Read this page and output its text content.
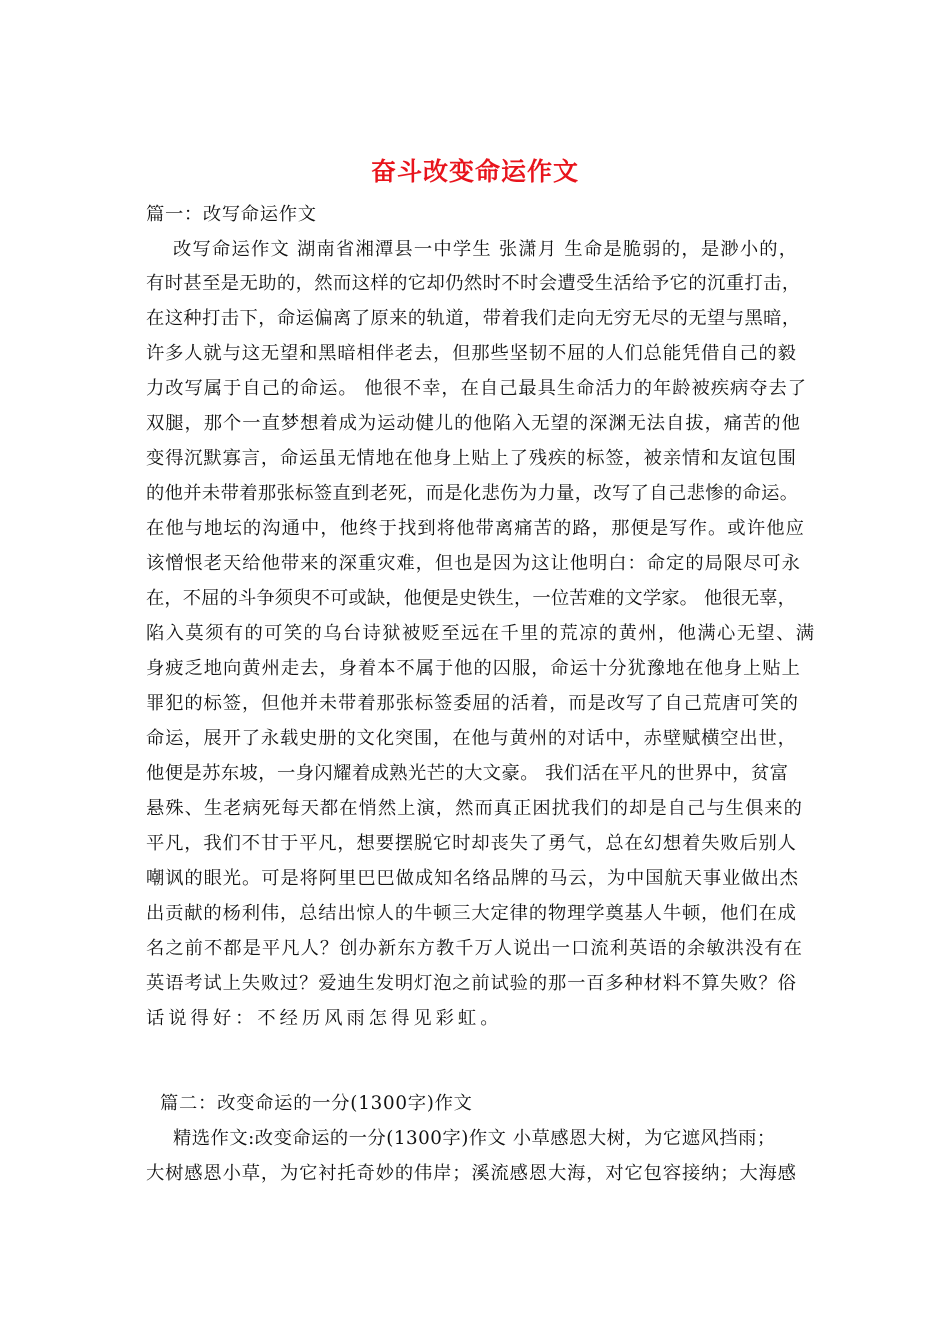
奋斗改变命运作文
篇一：改写命运作文
改写命运作文 湖南省湘潭县一中学生 张潇月 生命是脆弱的，是渺小的，
有时甚至是无助的，然而这样的它却仍然时不时会遭受生活给予它的沉重打击，
在这种打击下，命运偏离了原来的轨道，带着我们走向无穷无尽的无望与黑暗，
许多人就与这无望和黑暗相伴老去，但那些坚韧不屈的人们总能凭借自己的毅
力改写属于自己的命运。 他很不幸，在自己最具生命活力的年龄被疾病夺去了
双腿，那个一直梦想着成为运动健儿的他陷入无望的深渊无法自拔，痛苦的他
变得沉默寡言，命运虽无情地在他身上贴上了残疾的标签，被亲情和友谊包围
的他并未带着那张标签直到老死，而是化悲伤为力量，改写了自己悲惨的命运。
在他与地坛的沟通中，他终于找到将他带离痛苦的路，那便是写作。或许他应
该憎恨老天给他带来的深重灾难，但也是因为这让他明白：命定的局限尽可永
在，不屈的斗争须臾不可或缺，他便是史铁生，一位苦难的文学家。 他很无辜，
陷入莫须有的可笑的乌台诗狱被贬至远在千里的荒凉的黄州，他满心无望、满
身疲乏地向黄州走去，身着本不属于他的囚服，命运十分犹豫地在他身上贴上
罪犯的标签，但他并未带着那张标签委屈的活着，而是改写了自己荒唐可笑的
命运，展开了永载史册的文化突围，在他与黄州的对话中，赤壁赋横空出世，
他便是苏东坡，一身闪耀着成熟光芒的大文豪。 我们活在平凡的世界中，贫富
悬殊、生老病死每天都在悄然上演，然而真正困扰我们的却是自己与生俱来的
平凡，我们不甘于平凡，想要摆脱它时却丧失了勇气，总在幻想着失败后别人
嘲讽的眼光。可是将阿里巴巴做成知名络品牌的马云，为中国航天事业做出杰
出贡献的杨利伟，总结出惊人的牛顿三大定律的物理学奠基人牛顿，他们在成
名之前不都是平凡人？创办新东方教千万人说出一口流利英语的余敏洪没有在
英语考试上失败过？爱迪生发明灯泡之前试验的那一百多种材料不算失败？俗
话说得好：不经历风雨怎得见彩虹。
篇二：改变命运的一分(1300字)作文
精选作文:改变命运的一分(1300字)作文 小草感恩大树，为它遮风挡雨；
大树感恩小草，为它衬托奇妙的伟岸；溪流感恩大海，对它包容接纳；大海感
